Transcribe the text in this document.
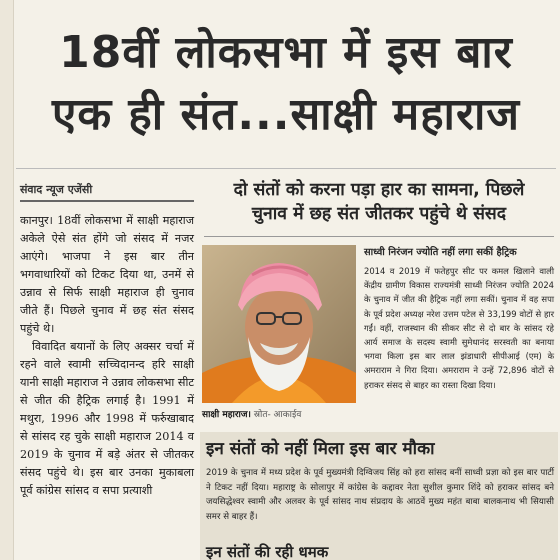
18वीं लोकसभा में इस बार
एक ही संत...साक्षी महाराज
संवाद न्यूज एजेंसी

कानपुर। 18वीं लोकसभा में साक्षी महाराज अकेले ऐसे संत होंगे जो संसद में नजर आएंगे। भाजपा ने इस बार तीन भगवाधारियों को टिकट दिया था, उनमें से उन्नाव से सिर्फ साक्षी महाराज ही चुनाव जीते हैं। पिछले चुनाव में छह संत संसद पहुंचे थे।

विवादित बयानों के लिए अक्सर चर्चा में रहने वाले स्वामी सच्चिदानन्द हरि साक्षी यानी साक्षी महाराज ने उन्नाव लोकसभा सीट से जीत की हैट्रिक लगाई है। 1991 में मथुरा, 1996 और 1998 में फर्रुखाबाद से सांसद रह चुके साक्षी महाराज 2014 व 2019 के चुनाव में बड़े अंतर से जीतकर संसद पहुंचे थे। इस बार उनका मुकाबला पूर्व कांग्रेस सांसद व सपा प्रत्याशी

दो संतों को करना पड़ा हार का सामना, पिछले
चुनाव में छह संत जीतकर पहुंचे थे संसद
साक्षी महाराज। स्रोत- आकाईव
साध्वी निरंजन ज्योति नहीं लगा सकीं हैट्रिक
2014 व 2019 में फतेहपुर सीट पर कमल खिलाने वाली केंद्रीय ग्रामीण विकास राज्यमंत्री साध्वी निरंजन ज्योति 2024 के चुनाव में जीत की हैट्रिक नहीं लगा सकीं। चुनाव में वह सपा के पूर्व प्रदेश अध्यक्ष नरेश उत्तम पटेल से 33,199 वोटों से हार गईं। वहीं, राजस्थान की सीकर सीट से दो बार के सांसद रहे आर्य समाज के सदस्य स्वामी सुमेधानंद सरस्वती का बनाया भगवा किला इस बार लाल झंडाधारी सीपीआई (एम) के अमराराम ने गिरा दिया। अमराराम ने उन्हें 72,896 वोटों से हराकर संसद से बाहर का रास्ता दिखा दिया।
इन संतों को नहीं मिला इस बार मौका
2019 के चुनाव में मध्य प्रदेश के पूर्व मुख्यमंत्री दिग्विजय सिंह को हरा सांसद बनीं साध्वी प्रज्ञा को इस बार पार्टी ने टिकट नहीं दिया। महाराष्ट्र के सोलापुर में कांग्रेस के कद्दावर नेता सुशील कुमार शिंदे को हराकर सांसद बने जयसिद्धेश्वर स्वामी और अलवर के पूर्व सांसद नाथ संप्रदाय के आठवें मुख्य महंत बाबा बालकनाथ भी सियासी समर से बाहर हैं।
इन संतों की रही धमक
